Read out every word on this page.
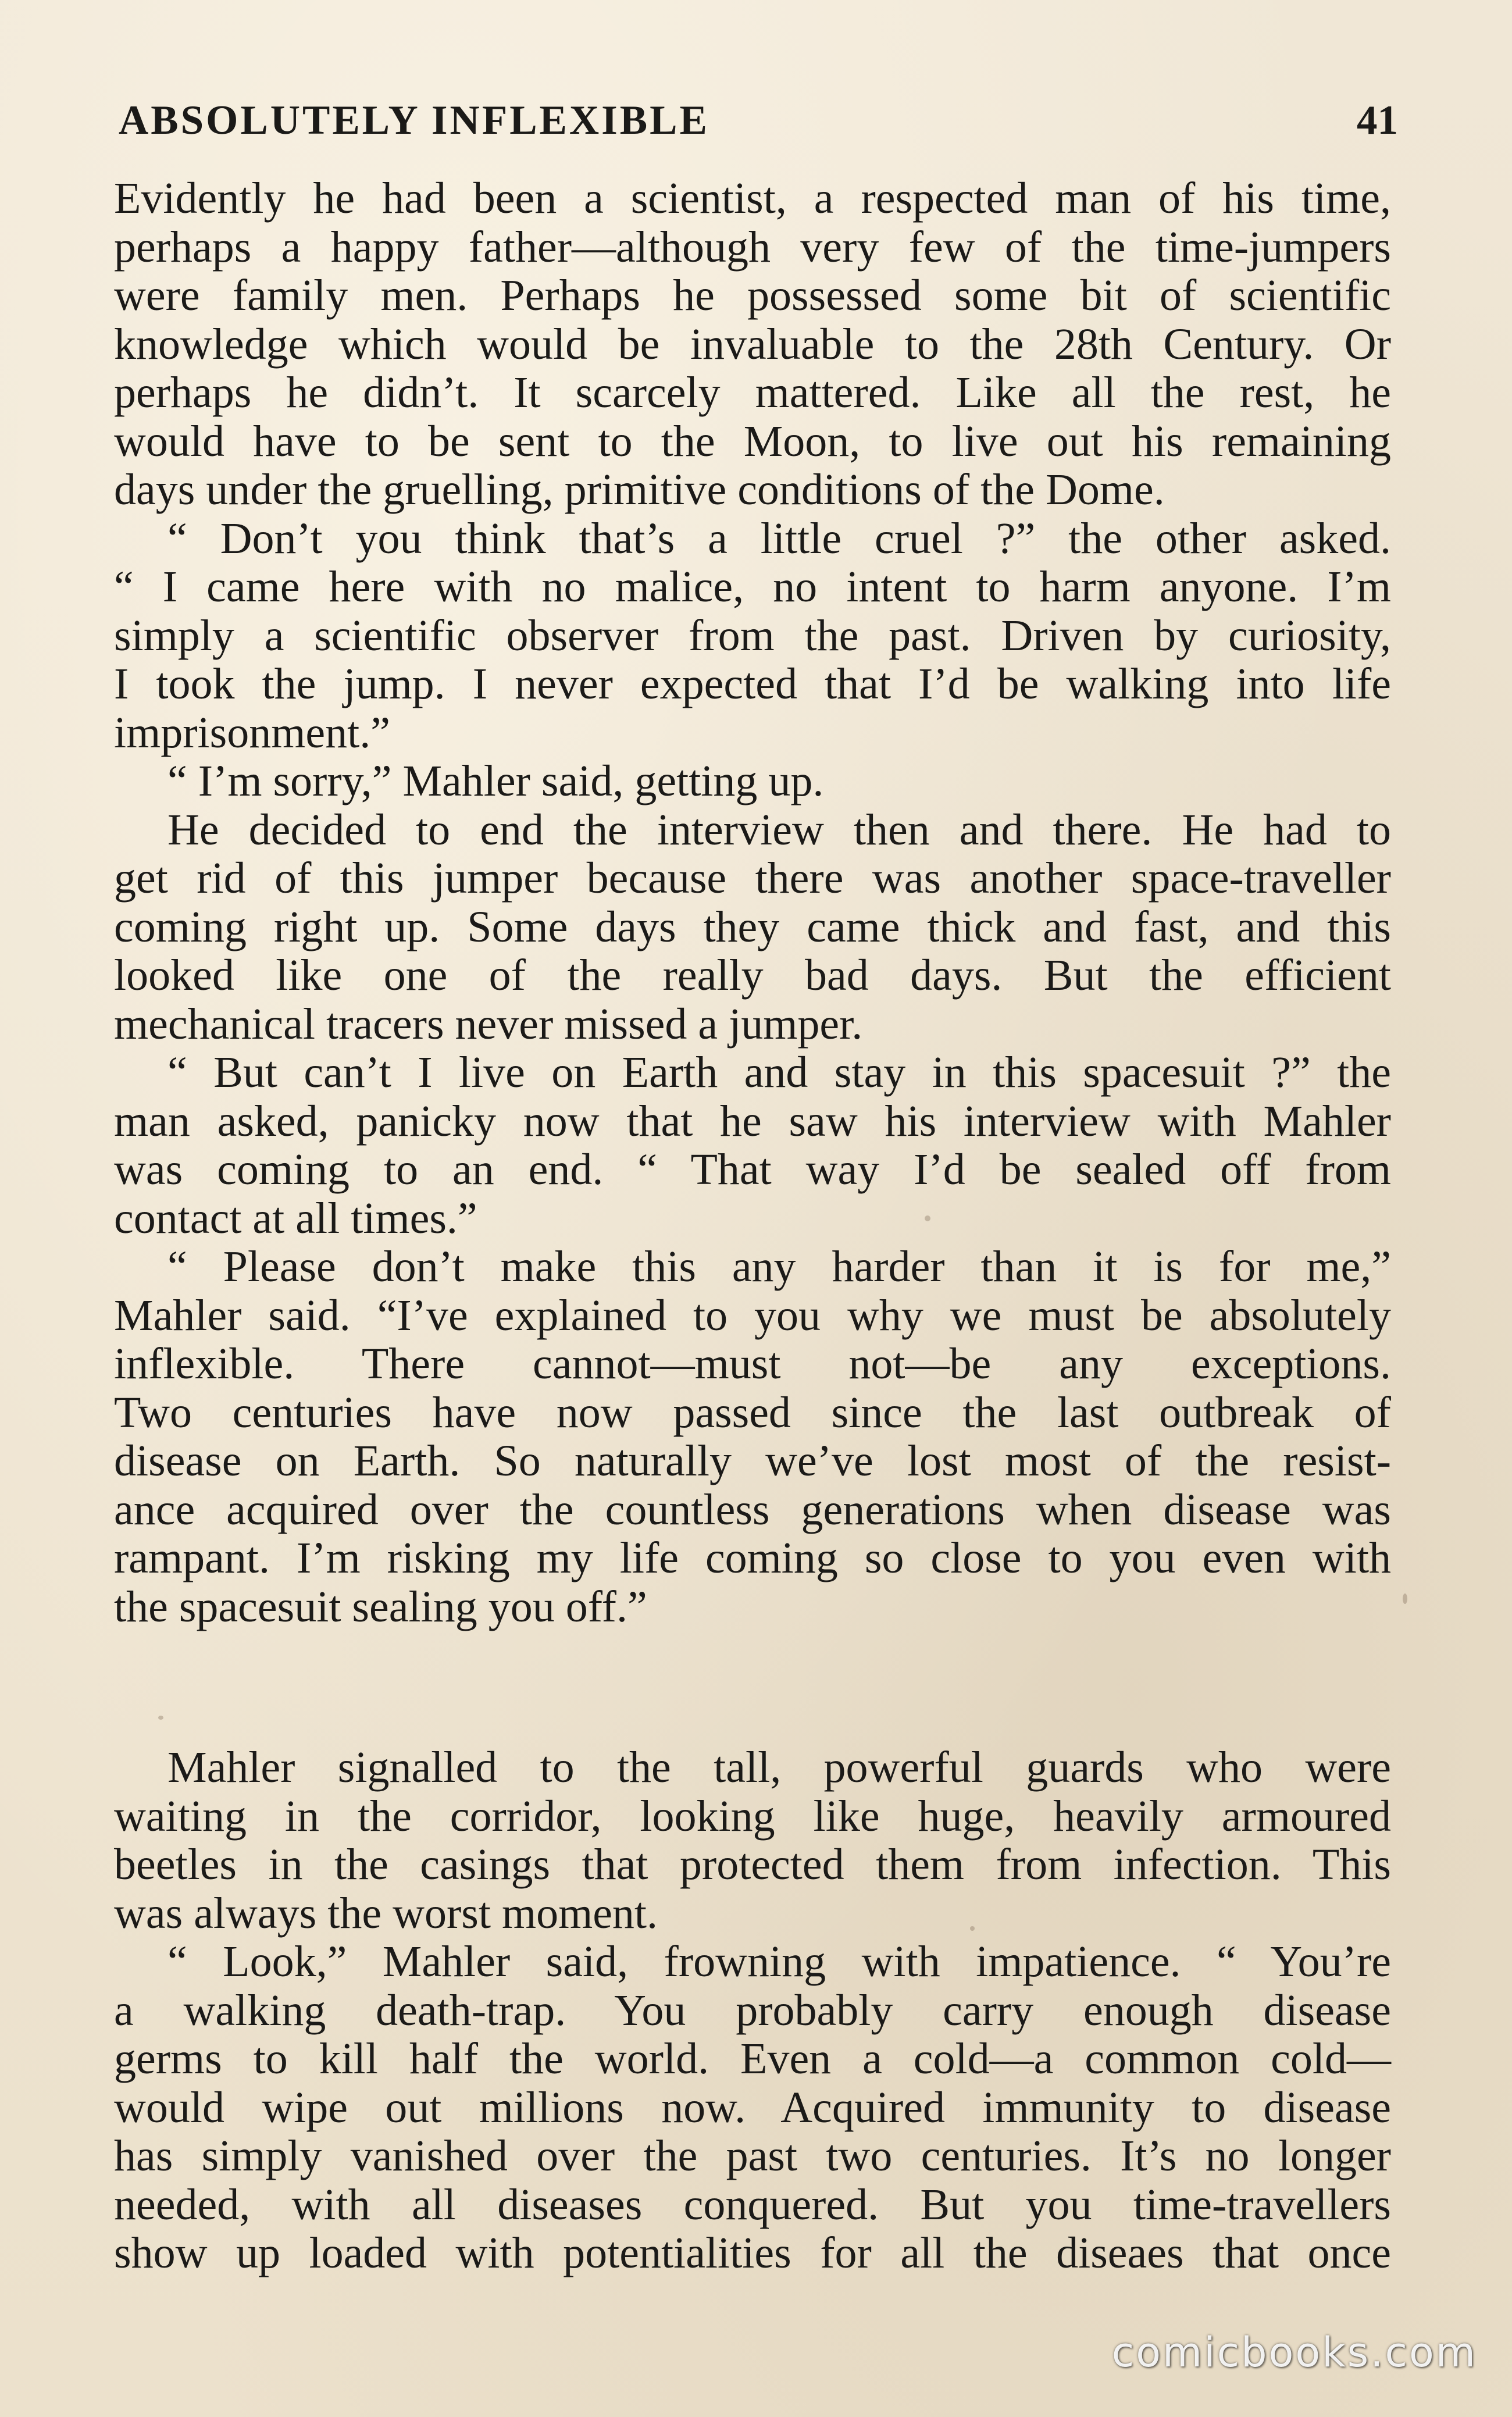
ABSOLUTELY INFLEXIBLE	41
Evidently he had been a scientist, a respected man of his time,
perhaps a happy father—although very few of the time-jumpers
were family men. Perhaps he possessed some bit of scientific
knowledge which would be invaluable to the 28th Century. Or
perhaps he didn’t. It scarcely mattered. Like all the rest, he
would have to be sent to the Moon, to live out his remaining
days under the gruelling, primitive conditions of the Dome.
“ Don’t you think that’s a little cruel ?” the other asked.
“ I came here with no malice, no intent to harm anyone. I’m
simply a scientific observer from the past. Driven by curiosity,
I took the jump. I never expected that I’d be walking into life
imprisonment.”
“ I’m sorry,” Mahler said, getting up.
He decided to end the interview then and there. He had to
get rid of this jumper because there was another space-traveller
coming right up. Some days they came thick and fast, and this
looked like one of the really bad days. But the efficient
mechanical tracers never missed a jumper.
“ But can’t I live on Earth and stay in this spacesuit ?” the
man asked, panicky now that he saw his interview with Mahler
was coming to an end. “ That way I’d be sealed off from
contact at all times.”
“ Please don’t make this any harder than it is for me,”
Mahler said. “I’ve explained to you why we must be absolutely
inflexible. There cannot—must not—be any exceptions.
Two centuries have now passed since the last outbreak of
disease on Earth. So naturally we’ve lost most of the resist-
ance acquired over the countless generations when disease was
rampant. I’m risking my life coming so close to you even with
the spacesuit sealing you off.”
Mahler signalled to the tall, powerful guards who were
waiting in the corridor, looking like huge, heavily armoured
beetles in the casings that protected them from infection. This
was always the worst moment.
“ Look,” Mahler said, frowning with impatience. “ You’re
a walking death-trap. You probably carry enough disease
germs to kill half the world. Even a cold—a common cold—
would wipe out millions now. Acquired immunity to disease
has simply vanished over the past two centuries. It’s no longer
needed, with all diseases conquered. But you time-travellers
show up loaded with potentialities for all the diseaes that once
comicbooks.com
